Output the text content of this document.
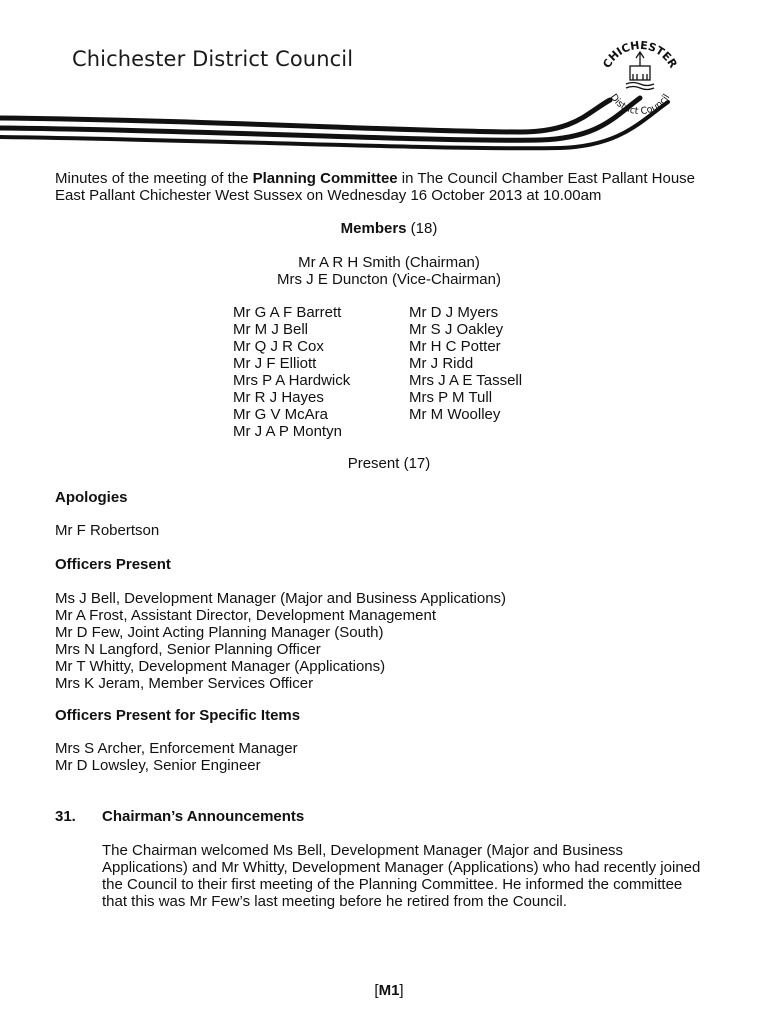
Chichester District Council	CHICHESTER
District Council
Minutes of the meeting of the Planning Committee in The Council Chamber East Pallant House
East Pallant Chichester West Sussex on Wednesday 16 October 2013 at 10.00am
Members (18)
Mr A R H Smith (Chairman)
Mrs J E Duncton (Vice-Chairman)
Mr G A F Barrett
Mr M J Bell
Mr Q J R Cox
Mr J F Elliott
Mrs P A Hardwick
Mr R J Hayes
Mr G V McAra
Mr J A P Montyn
Mr D J Myers
Mr S J Oakley
Mr H C Potter
Mr J Ridd
Mrs J A E Tassell
Mrs P M Tull
Mr M Woolley
Present (17)
Apologies
Mr F Robertson
Officers Present
Ms J Bell, Development Manager (Major and Business Applications)
Mr A Frost, Assistant Director, Development Management
Mr D Few, Joint Acting Planning Manager (South)
Mrs N Langford, Senior Planning Officer
Mr T Whitty, Development Manager (Applications)
Mrs K Jeram, Member Services Officer
Officers Present for Specific Items
Mrs S Archer, Enforcement Manager
Mr D Lowsley, Senior Engineer
31. Chairman’s Announcements
The Chairman welcomed Ms Bell, Development Manager (Major and Business
Applications) and Mr Whitty, Development Manager (Applications) who had recently joined
the Council to their first meeting of the Planning Committee. He informed the committee
that this was Mr Few’s last meeting before he retired from the Council.
[M1]
